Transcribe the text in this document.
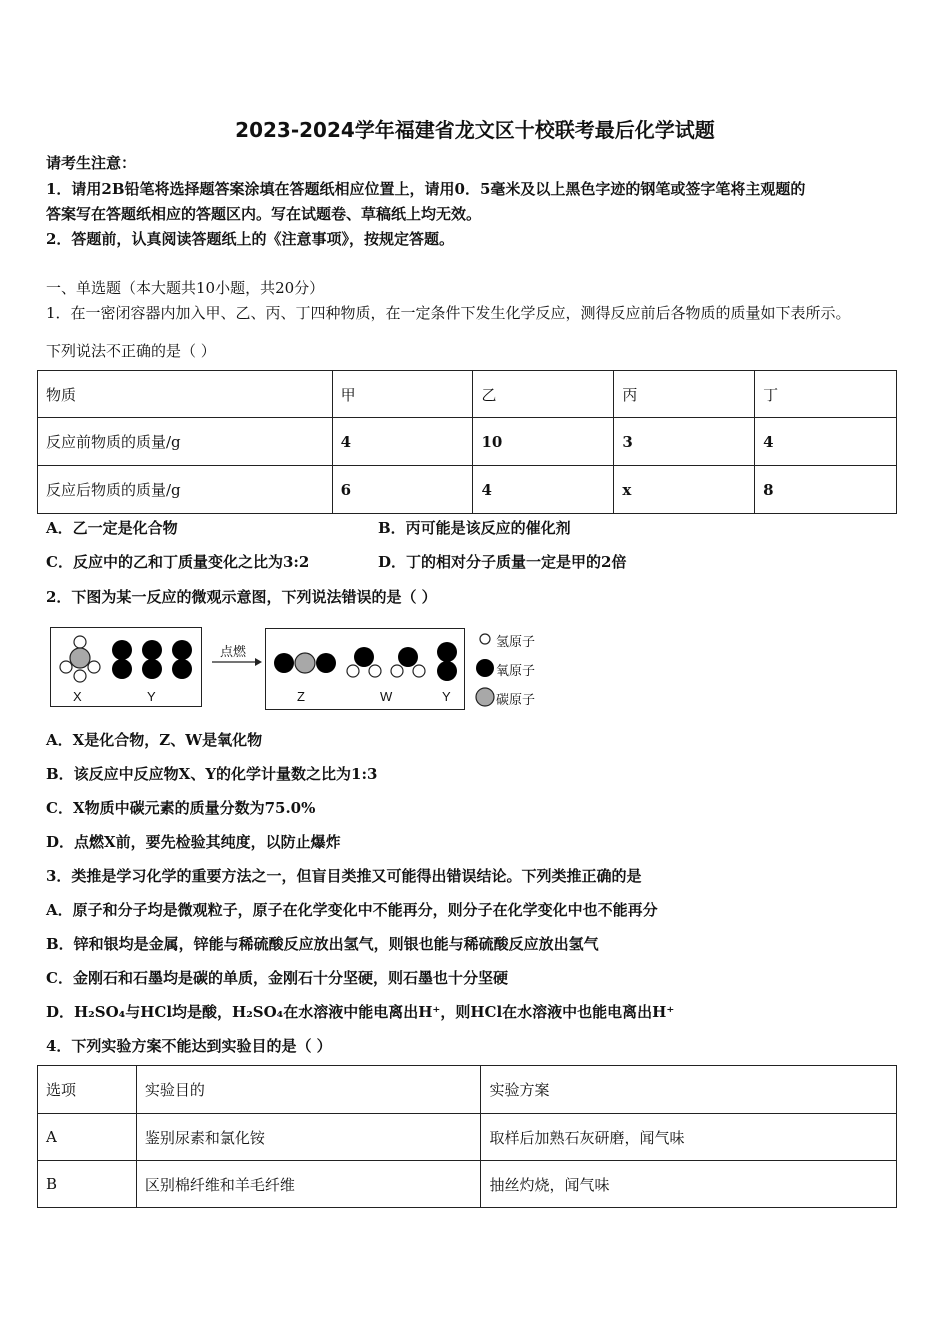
2023-2024学年福建省龙文区十校联考最后化学试题
请考生注意：
1．请用2B铅笔将选择题答案涂填在答题纸相应位置上，请用0．5毫米及以上黑色字迹的钢笔或签字笔将主观题的
答案写在答题纸相应的答题区内。写在试题卷、草稿纸上均无效。
2．答题前，认真阅读答题纸上的《注意事项》，按规定答题。
一、单选题（本大题共10小题，共20分）
1．在一密闭容器内加入甲、乙、丙、丁四种物质，在一定条件下发生化学反应，测得反应前后各物质的质量如下表所示。
下列说法不正确的是（ ）
物质	甲	乙	丙	丁
反应前物质的质量/g	4	10	3	4
反应后物质的质量/g	6	4	x	8
A．乙一定是化合物	B．丙可能是该反应的催化剂
C．反应中的乙和丁质量变化之比为3:2	D．丁的相对分子质量一定是甲的2倍
2．下图为某一反应的微观示意图，下列说法错误的是（ ）
点燃
X	Y	Z	W	Y
氢原子
氧原子
碳原子
A．X是化合物，Z、W是氧化物
B．该反应中反应物X、Y的化学计量数之比为1:3
C．X物质中碳元素的质量分数为75.0%
D．点燃X前，要先检验其纯度，以防止爆炸
3．类推是学习化学的重要方法之一，但盲目类推又可能得出错误结论。下列类推正确的是
A．原子和分子均是微观粒子，原子在化学变化中不能再分，则分子在化学变化中也不能再分
B．锌和银均是金属，锌能与稀硫酸反应放出氢气，则银也能与稀硫酸反应放出氢气
C．金刚石和石墨均是碳的单质，金刚石十分坚硬，则石墨也十分坚硬
D．H₂SO₄与HCl均是酸，H₂SO₄在水溶液中能电离出H⁺，则HCl在水溶液中也能电离出H⁺
4．下列实验方案不能达到实验目的是（ ）
选项	实验目的	实验方案
A	鉴别尿素和氯化铵	取样后加熟石灰研磨，闻气味
B	区别棉纤维和羊毛纤维	抽丝灼烧，闻气味
